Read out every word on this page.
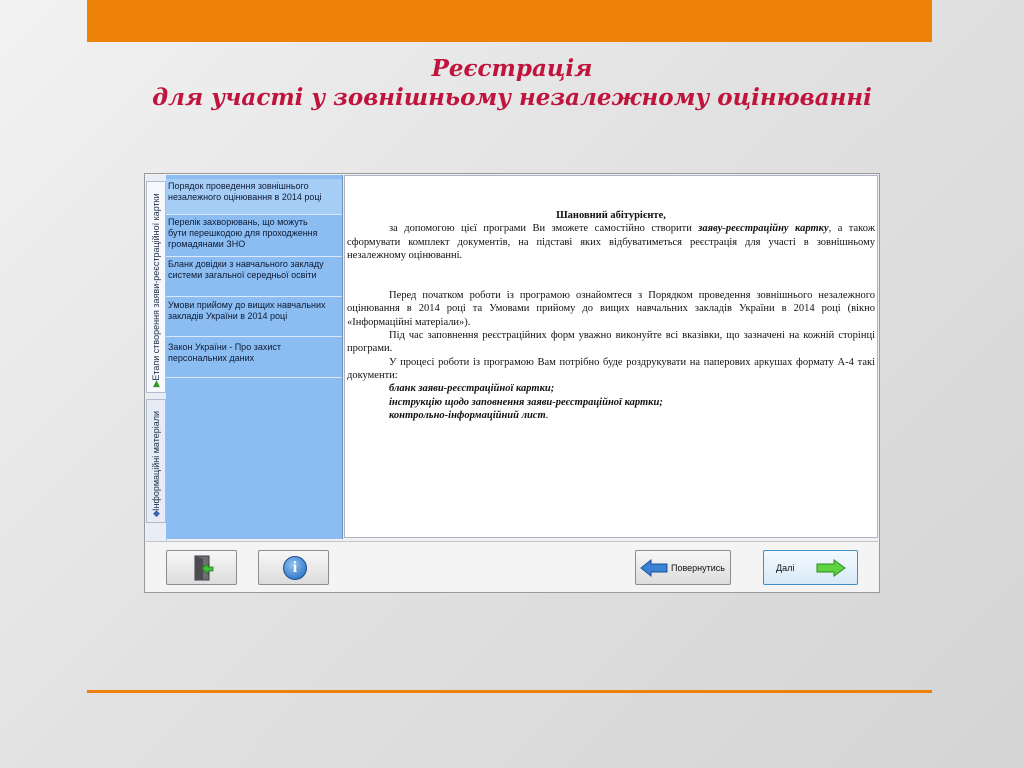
Реєстрація
для участі у зовнішньому незалежному оцінюванні
Етапи створення заяви-реєстраційної картки
▲
Інформаційні матеріали
◆
Порядок проведення зовнішнього
незалежного оцінювання в 2014 році
Перелік захворювань, що можуть
бути перешкодою для проходження
громадянами ЗНО
Бланк довідки з навчального закладу
системи загальної середньої освіти
Умови прийому до вищих навчальних
закладів України в 2014 році
Закон України - Про захист
персональних даних

Шановний абітурієнте,

за допомогою цієї програми Ви зможете самостійно створити заяву-реєстраційну картку, а також сформувати комплект документів, на підставі яких відбуватиметься реєстрація для участі в зовнішньому незалежному оцінюванні.

Перед початком роботи із програмою ознайомтеся з Порядком проведення зовнішнього незалежного оцінювання в 2014 році та Умовами прийому до вищих навчальних закладів України в 2014 році (вікно «Інформаційні матеріали»).

Під час заповнення реєстраційних форм уважно виконуйте всі вказівки, що зазначені на кожній сторінці програми.

У процесі роботи із програмою Вам потрібно буде роздрукувати на паперових аркушах формату А-4 такі документи:

бланк заяви-реєстраційної картки;

інструкцію щодо заповнення заяви-реєстраційної картки;

контрольно-інформаційний лист.

i	Повернутись	Далі
